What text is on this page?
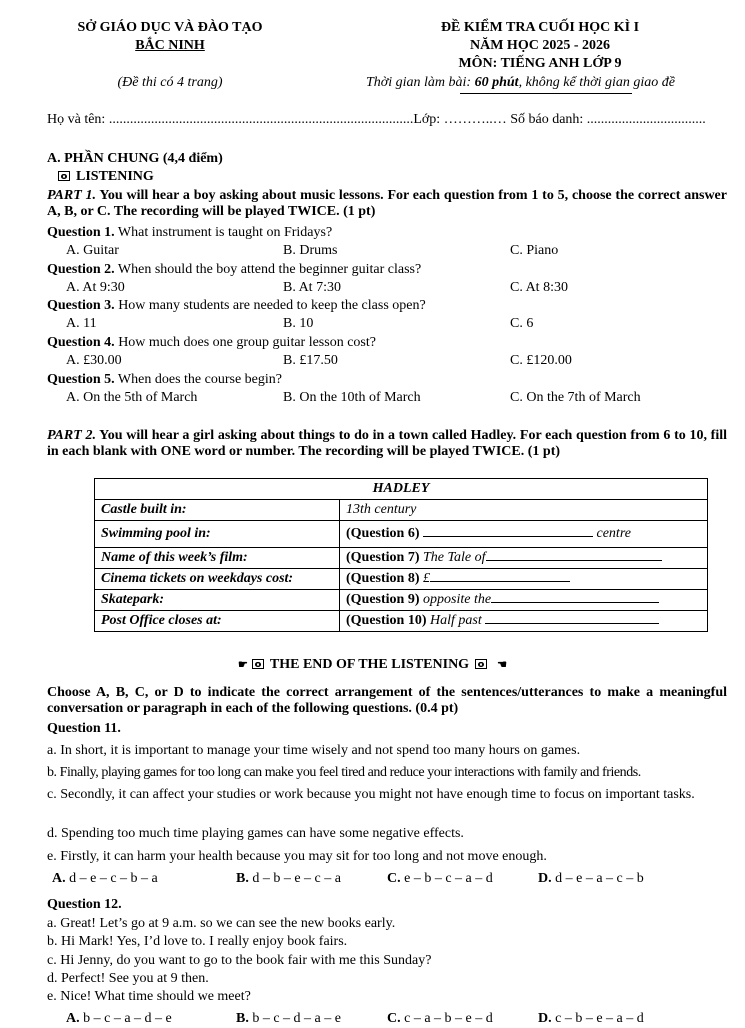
SỞ GIÁO DỤC VÀ ĐÀO TẠO
BẮC NINH
(Đề thi có 4 trang)
ĐỀ KIỂM TRA CUỐI HỌC KÌ I
NĂM HỌC 2025 - 2026
MÔN: TIẾNG ANH LỚP 9
Thời gian làm bài: 60 phút, không kể thời gian giao đề
Họ và tên: .......................................................................................Lớp: ………..… Số báo danh: ..................................
A. PHẦN CHUNG (4,4 điểm)
LISTENING
PART 1. You will hear a boy asking about music lessons. For each question from 1 to 5, choose the correct answer A, B, or C. The recording will be played TWICE. (1 pt)
Question 1. What instrument is taught on Fridays?
A. Guitar	B. Drums	C. Piano
Question 2. When should the boy attend the beginner guitar class?
A. At 9:30	B. At 7:30	C. At 8:30
Question 3. How many students are needed to keep the class open?
A. 11	B. 10	C. 6
Question 4. How much does one group guitar lesson cost?
A. £30.00	B. £17.50	C. £120.00
Question 5. When does the course begin?
A. On the 5th of March	B. On the 10th of March	C. On the 7th of March
PART 2. You will hear a girl asking about things to do in a town called Hadley. For each question from 6 to 10, fill in each blank with ONE word or number. The recording will be played TWICE. (1 pt)
HADLEY	
Castle built in:	13th century
Swimming pool in:	(Question 6) centre
Name of this week’s film:	(Question 7) The Tale of
Cinema tickets on weekdays cost:	(Question 8) £
Skatepark:	(Question 9) opposite the
Post Office closes at:	(Question 10) Half past
☛ THE END OF THE LISTENING	☚
Choose A, B, C, or D to indicate the correct arrangement of the sentences/utterances to make a meaningful conversation or paragraph in each of the following questions. (0.4 pt)
Question 11.
a. In short, it is important to manage your time wisely and not spend too many hours on games.
b. Finally, playing games for too long can make you feel tired and reduce your interactions with family and friends.
c. Secondly, it can affect your studies or work because you might not have enough time to focus on important tasks.
d. Spending too much time playing games can have some negative effects.
e. Firstly, it can harm your health because you may sit for too long and not move enough.
A. d – e – c – b – a	B. d – b – e – c – a	C. e – b – c – a – d	D. d – e – a – c – b
Question 12.
a. Great! Let’s go at 9 a.m. so we can see the new books early.
b. Hi Mark! Yes, I’d love to. I really enjoy book fairs.
c. Hi Jenny, do you want to go to the book fair with me this Sunday?
d. Perfect! See you at 9 then.
e. Nice! What time should we meet?
A. b – c – a – d – e	B. b – c – d – a – e	C. c – a – b – e – d	D. c – b – e – a – d
